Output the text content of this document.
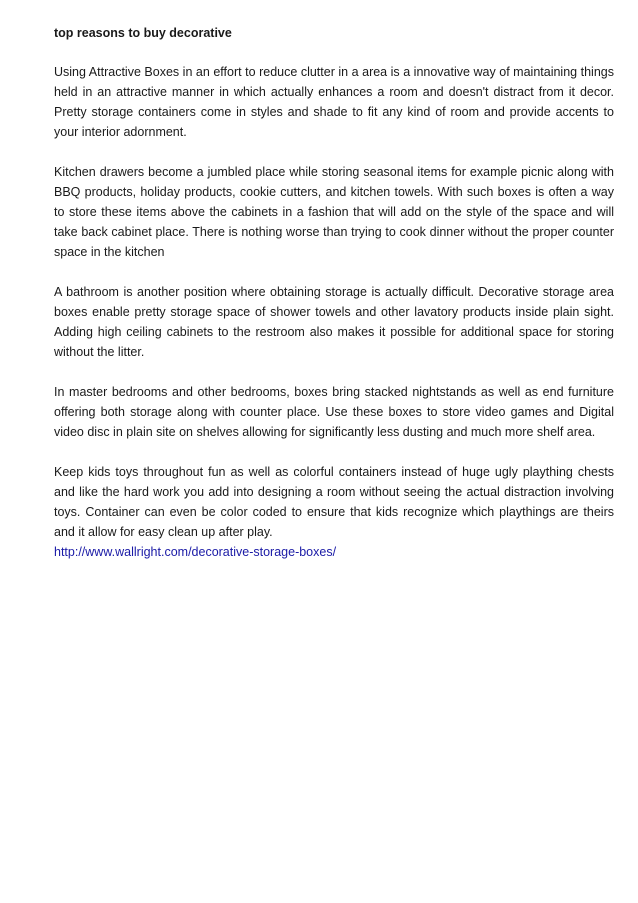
top reasons to buy decorative

Using Attractive Boxes in an effort to reduce clutter in a area is a innovative way of maintaining things held in an attractive manner in which actually enhances a room and doesn't distract from it decor. Pretty storage containers come in styles and shade to fit any kind of room and provide accents to your interior adornment.

Kitchen drawers become a jumbled place while storing seasonal items for example picnic along with BBQ products, holiday products, cookie cutters, and kitchen towels. With such boxes is often a way to store these items above the cabinets in a fashion that will add on the style of the space and will take back cabinet place. There is nothing worse than trying to cook dinner without the proper counter space in the kitchen

A bathroom is another position where obtaining storage is actually difficult. Decorative storage area boxes enable pretty storage space of shower towels and other lavatory products inside plain sight. Adding high ceiling cabinets to the restroom also makes it possible for additional space for storing without the litter.

In master bedrooms and other bedrooms, boxes bring stacked nightstands as well as end furniture offering both storage along with counter place. Use these boxes to store video games and Digital video disc in plain site on shelves allowing for significantly less dusting and much more shelf area.

Keep kids toys throughout fun as well as colorful containers instead of huge ugly plaything chests and like the hard work you add into designing a room without seeing the actual distraction involving toys. Container can even be color coded to ensure that kids recognize which playthings are theirs and it allow for easy clean up after play.

http://www.wallright.com/decorative-storage-boxes/
